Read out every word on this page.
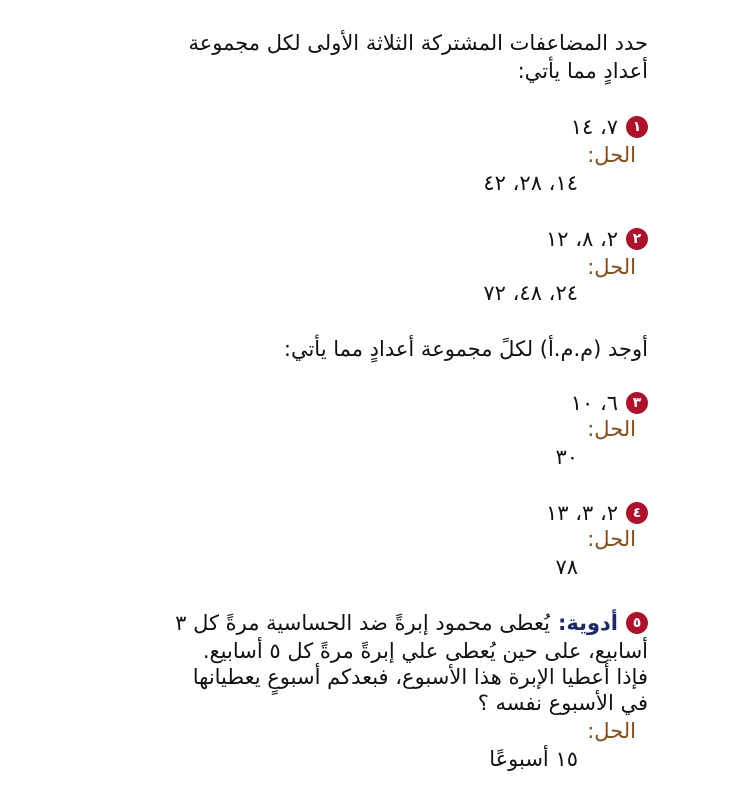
حدد المضاعفات المشتركة الثلاثة الأولى لكل مجموعة
أعدادٍ مما يأتي:
١
٧، ١٤
الحل:
١٤، ٢٨، ٤٢
٢
٢، ٨، ١٢
الحل:
٢٤، ٤٨، ٧٢
أوجد (م.م.أ) لكلً مجموعة أعدادٍ مما يأتي:
٣
٦، ١٠
الحل:
٣٠
٤
٢، ٣، ١٣
الحل:
٧٨
٥
أدوية:
يُعطى محمود إبرةً ضد الحساسية مرةً كل ٣
أسابيع، على حين يُعطى علي إبرةً مرةً كل ٥ أسابيع.
فإذا أعطيا الإبرة هذا الأسبوع، فبعدكم أسبوعٍ يعطيانها
في الأسبوع نفسه ؟
الحل:
١٥ أسبوعًا
